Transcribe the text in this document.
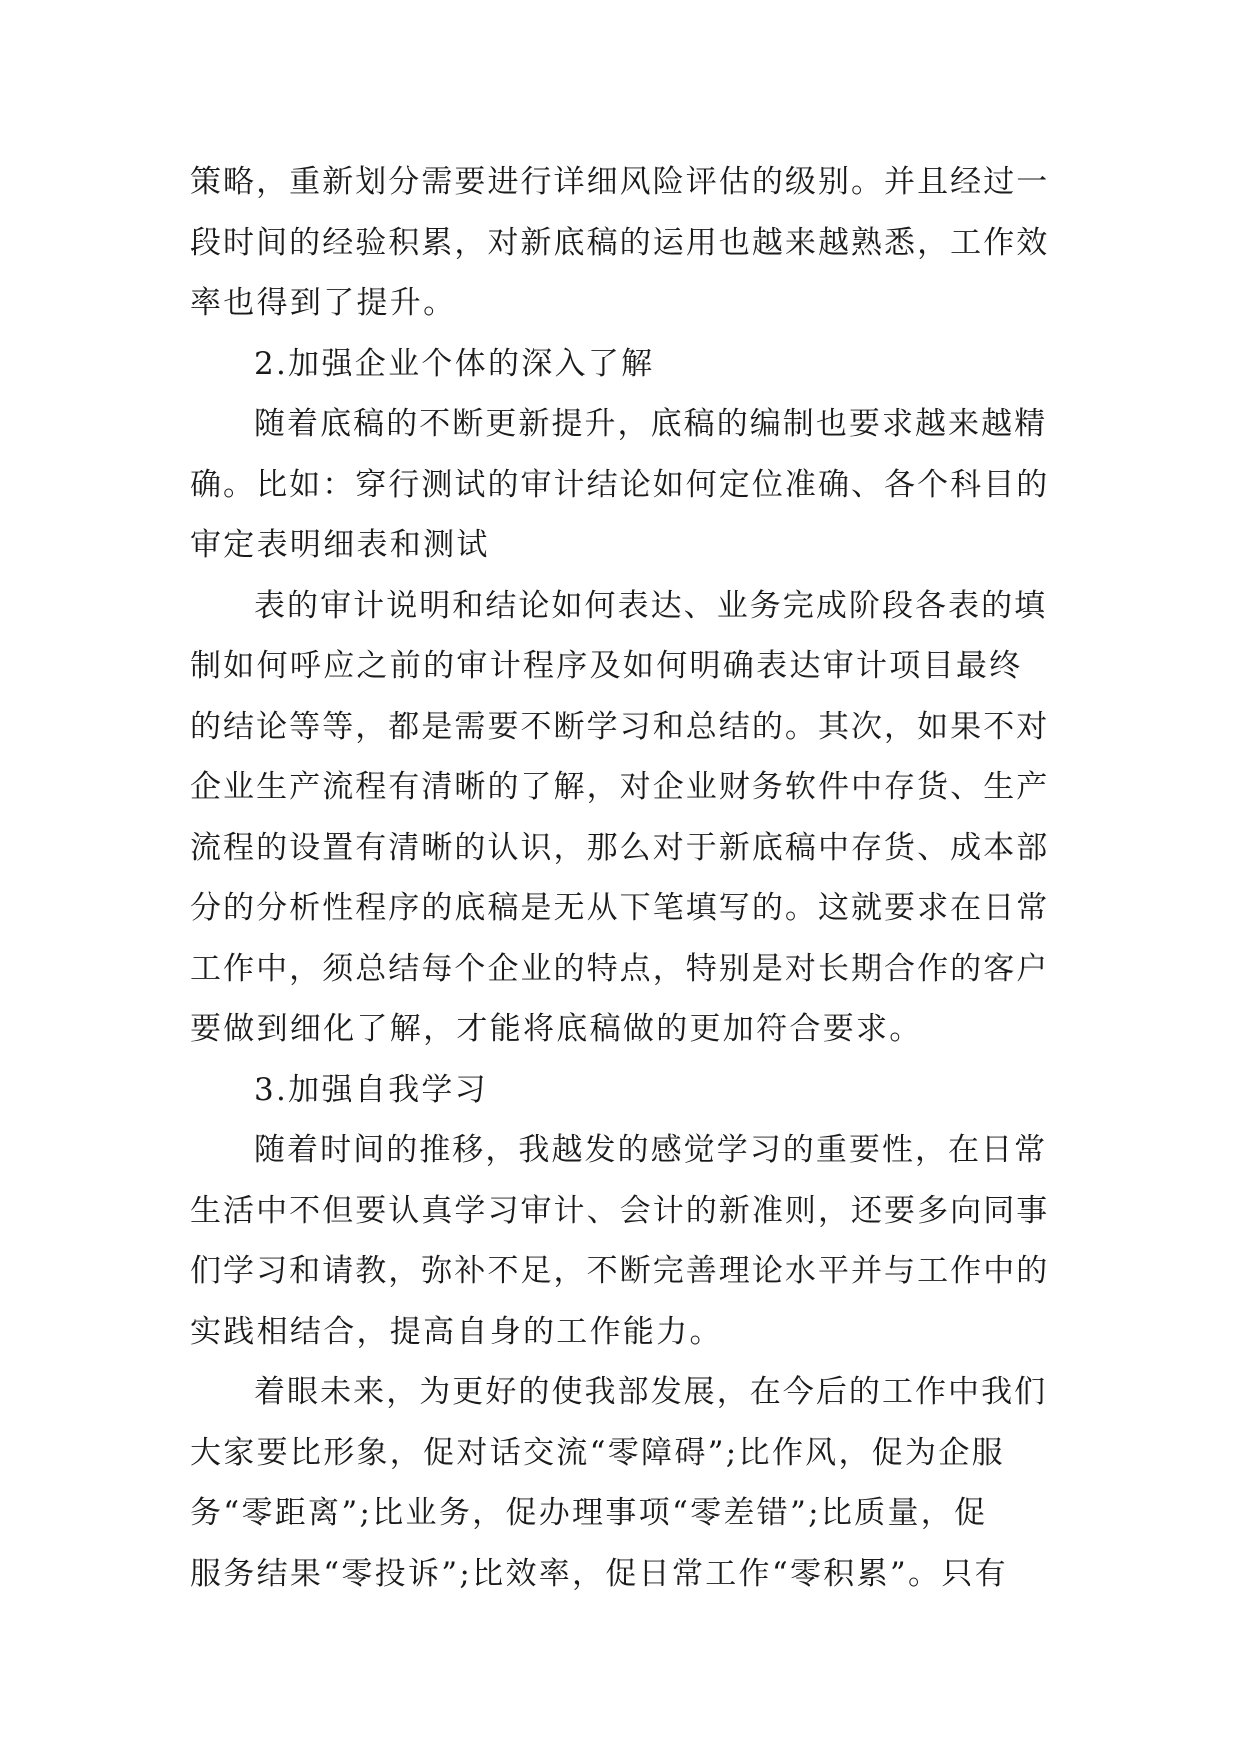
策略，重新划分需要进行详细风险评估的级别。并且经过一
段时间的经验积累，对新底稿的运用也越来越熟悉，工作效
率也得到了提升。
2.加强企业个体的深入了解
随着底稿的不断更新提升，底稿的编制也要求越来越精
确。比如：穿行测试的审计结论如何定位准确、各个科目的
审定表明细表和测试
表的审计说明和结论如何表达、业务完成阶段各表的填
制如何呼应之前的审计程序及如何明确表达审计项目最终
的结论等等，都是需要不断学习和总结的。其次，如果不对
企业生产流程有清晰的了解，对企业财务软件中存货、生产
流程的设置有清晰的认识，那么对于新底稿中存货、成本部
分的分析性程序的底稿是无从下笔填写的。这就要求在日常
工作中，须总结每个企业的特点，特别是对长期合作的客户
要做到细化了解，才能将底稿做的更加符合要求。
3.加强自我学习
随着时间的推移，我越发的感觉学习的重要性，在日常
生活中不但要认真学习审计、会计的新准则，还要多向同事
们学习和请教，弥补不足，不断完善理论水平并与工作中的
实践相结合，提高自身的工作能力。
着眼未来，为更好的使我部发展，在今后的工作中我们
大家要比形象，促对话交流“零障碍”;比作风，促为企服
务“零距离”;比业务，促办理事项“零差错”;比质量，促
服务结果“零投诉”;比效率，促日常工作“零积累”。只有
